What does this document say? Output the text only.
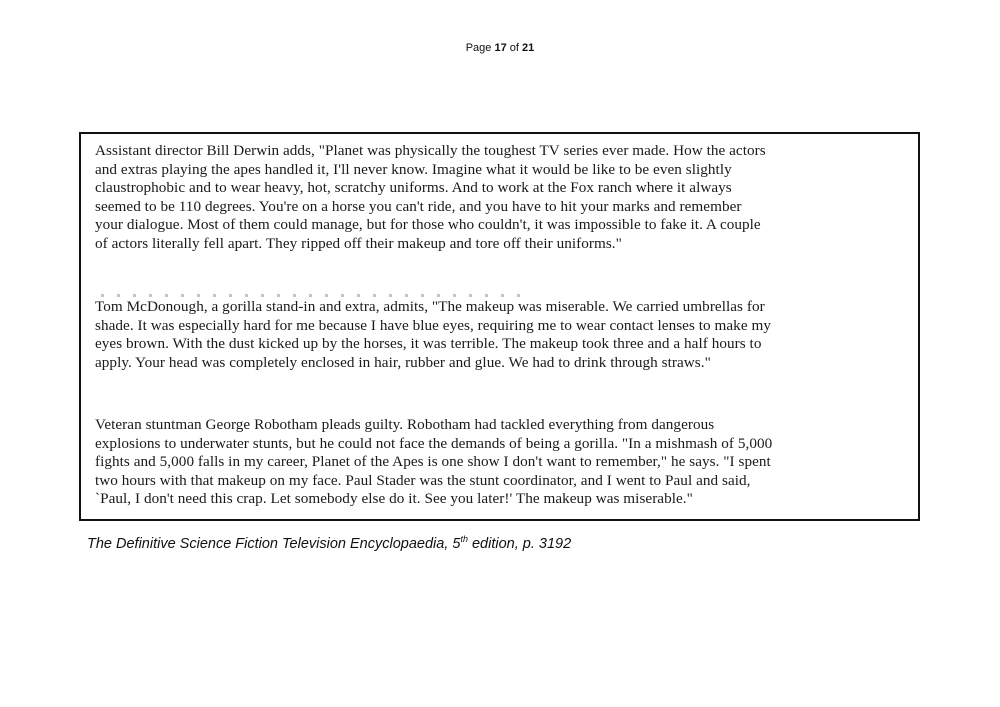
Page 17 of 21

Assistant director Bill Derwin adds, "Planet was physically the toughest TV series ever made. How the actors
and extras playing the apes handled it, I'll never know. Imagine what it would be like to be even slightly
claustrophobic and to wear heavy, hot, scratchy uniforms. And to work at the Fox ranch where it always
seemed to be 110 degrees. You're on a horse you can't ride, and you have to hit your marks and remember
your dialogue. Most of them could manage, but for those who couldn't, it was impossible to fake it. A couple
of actors literally fell apart. They ripped off their makeup and tore off their uniforms."

Tom McDonough, a gorilla stand-in and extra, admits, "The makeup was miserable. We carried umbrellas for
shade. It was especially hard for me because I have blue eyes, requiring me to wear contact lenses to make my
eyes brown. With the dust kicked up by the horses, it was terrible. The makeup took three and a half hours to
apply. Your head was completely enclosed in hair, rubber and glue. We had to drink through straws."

Veteran stuntman George Robotham pleads guilty. Robotham had tackled everything from dangerous
explosions to underwater stunts, but he could not face the demands of being a gorilla. "In a mishmash of 5,000
fights and 5,000 falls in my career, Planet of the Apes is one show I don't want to remember," he says. "I spent
two hours with that makeup on my face. Paul Stader was the stunt coordinator, and I went to Paul and said,
`Paul, I don't need this crap. Let somebody else do it. See you later!' The makeup was miserable."

The Definitive Science Fiction Television Encyclopaedia, 5th edition, p. 3192
